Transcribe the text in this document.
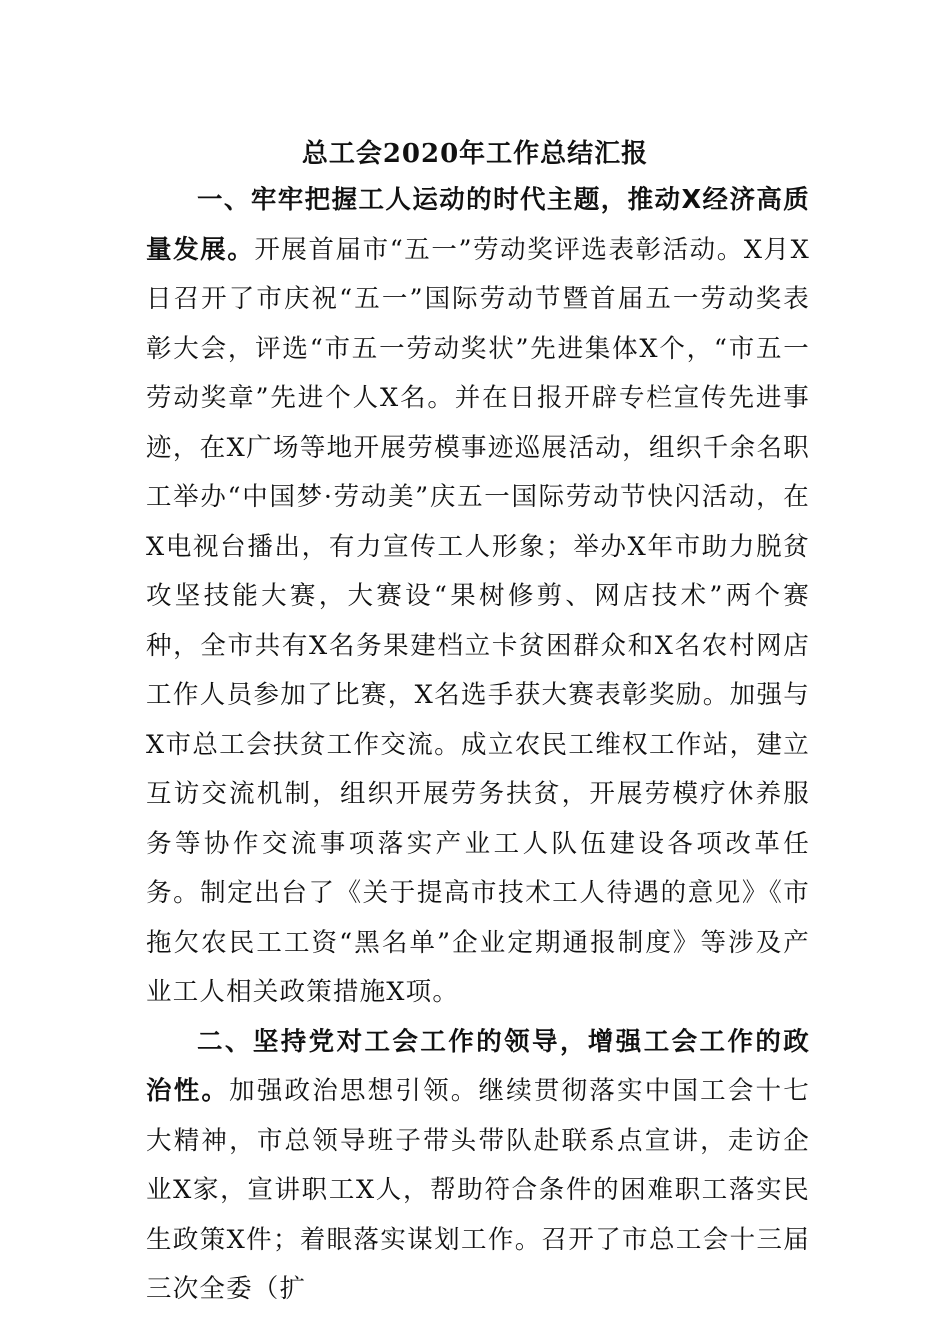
总工会2020年工作总结汇报

一、牢牢把握工人运动的时代主题，推动X经济高质量发展。开展首届市“五一”劳动奖评选表彰活动。X月X日召开了市庆祝“五一”国际劳动节暨首届五一劳动奖表彰大会，评选“市五一劳动奖状”先进集体X个，“市五一劳动奖章”先进个人X名。并在日报开辟专栏宣传先进事迹，在X广场等地开展劳模事迹巡展活动，组织千余名职工举办“中国梦·劳动美”庆五一国际劳动节快闪活动，在X电视台播出，有力宣传工人形象；举办X年市助力脱贫攻坚技能大赛，大赛设“果树修剪、网店技术”两个赛种，全市共有X名务果建档立卡贫困群众和X名农村网店工作人员参加了比赛，X名选手获大赛表彰奖励。加强与X市总工会扶贫工作交流。成立农民工维权工作站，建立互访交流机制，组织开展劳务扶贫，开展劳模疗休养服务等协作交流事项落实产业工人队伍建设各项改革任务。制定出台了《关于提高市技术工人待遇的意见》《市拖欠农民工工资“黑名单”企业定期通报制度》等涉及产业工人相关政策措施X项。

二、坚持党对工会工作的领导，增强工会工作的政治性。加强政治思想引领。继续贯彻落实中国工会十七大精神，市总领导班子带头带队赴联系点宣讲，走访企业X家，宣讲职工X人，帮助符合条件的困难职工落实民生政策X件；着眼落实谋划工作。召开了市总工会十三届三次全委（扩
